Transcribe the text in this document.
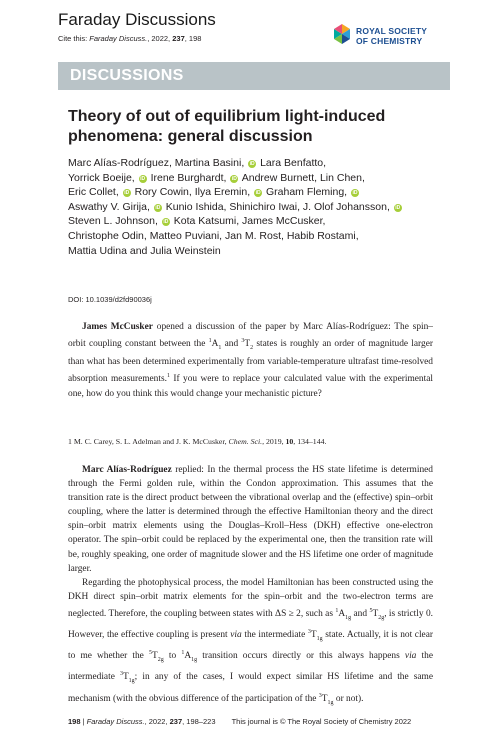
Faraday Discussions
Cite this: Faraday Discuss., 2022, 237, 198
ROYAL SOCIETY
OF CHEMISTRY
DISCUSSIONS
Theory of out of equilibrium light-induced phenomena: general discussion
Marc Alías-Rodríguez, Martina Basini, iD Lara Benfatto,
Yorrick Boeije, iD Irene Burghardt, iD Andrew Burnett, Lin Chen,
Eric Collet, iD Rory Cowin, Ilya Eremin, iD Graham Fleming, iD
Aswathy V. Girija, iD Kunio Ishida, Shinichiro Iwai, J. Olof Johansson, iD
Steven L. Johnson, iD Kota Katsumi, James McCusker,
Christophe Odin, Matteo Puviani, Jan M. Rost, Habib Rostami,
Mattia Udina and Julia Weinstein
DOI: 10.1039/d2fd90036j

James McCusker opened a discussion of the paper by Marc Alías-Rodríguez: The spin–orbit coupling constant between the $^1A_1$ and $^3T_2$ states is roughly an order of magnitude larger than what has been determined experimentally from variable-temperature ultrafast time-resolved absorption measurements.$^1$ If you were to replace your calculated value with the experimental one, how do you think this would change your mechanistic picture?

1 M. C. Carey, S. L. Adelman and J. K. McCusker, Chem. Sci., 2019, 10, 134–144.

Marc Alías-Rodríguez replied: In the thermal process the HS state lifetime is determined through the Fermi golden rule, within the Condon approximation. This assumes that the transition rate is the direct product between the vibrational overlap and the (effective) spin–orbit coupling, where the latter is determined through the effective Hamiltonian theory and the direct spin–orbit matrix elements using the Douglas–Kroll–Hess (DKH) effective one-electron operator. The spin–orbit could be replaced by the experimental one, then the transition rate will be, roughly speaking, one order of magnitude slower and the HS lifetime one order of magnitude larger.

Regarding the photophysical process, the model Hamiltonian has been constructed using the DKH direct spin–orbit matrix elements for the spin–orbit and the two-electron terms are neglected. Therefore, the coupling between states with ΔS ≥ 2, such as $^1A_{1g}$ and $^5T_{2g}$, is strictly 0. However, the effective coupling is present via the intermediate $^3T_{1g}$ state. Actually, it is not clear to me whether the $^5T_{2g}$ to $^1A_{1g}$ transition occurs directly or this always happens via the intermediate $^3T_{1g}$; in any of the cases, I would expect similar HS lifetime and the same mechanism (with the obvious difference of the participation of the $^3T_{1g}$ or not).

198 | Faraday Discuss., 2022, 237, 198–223 This journal is © The Royal Society of Chemistry 2022
